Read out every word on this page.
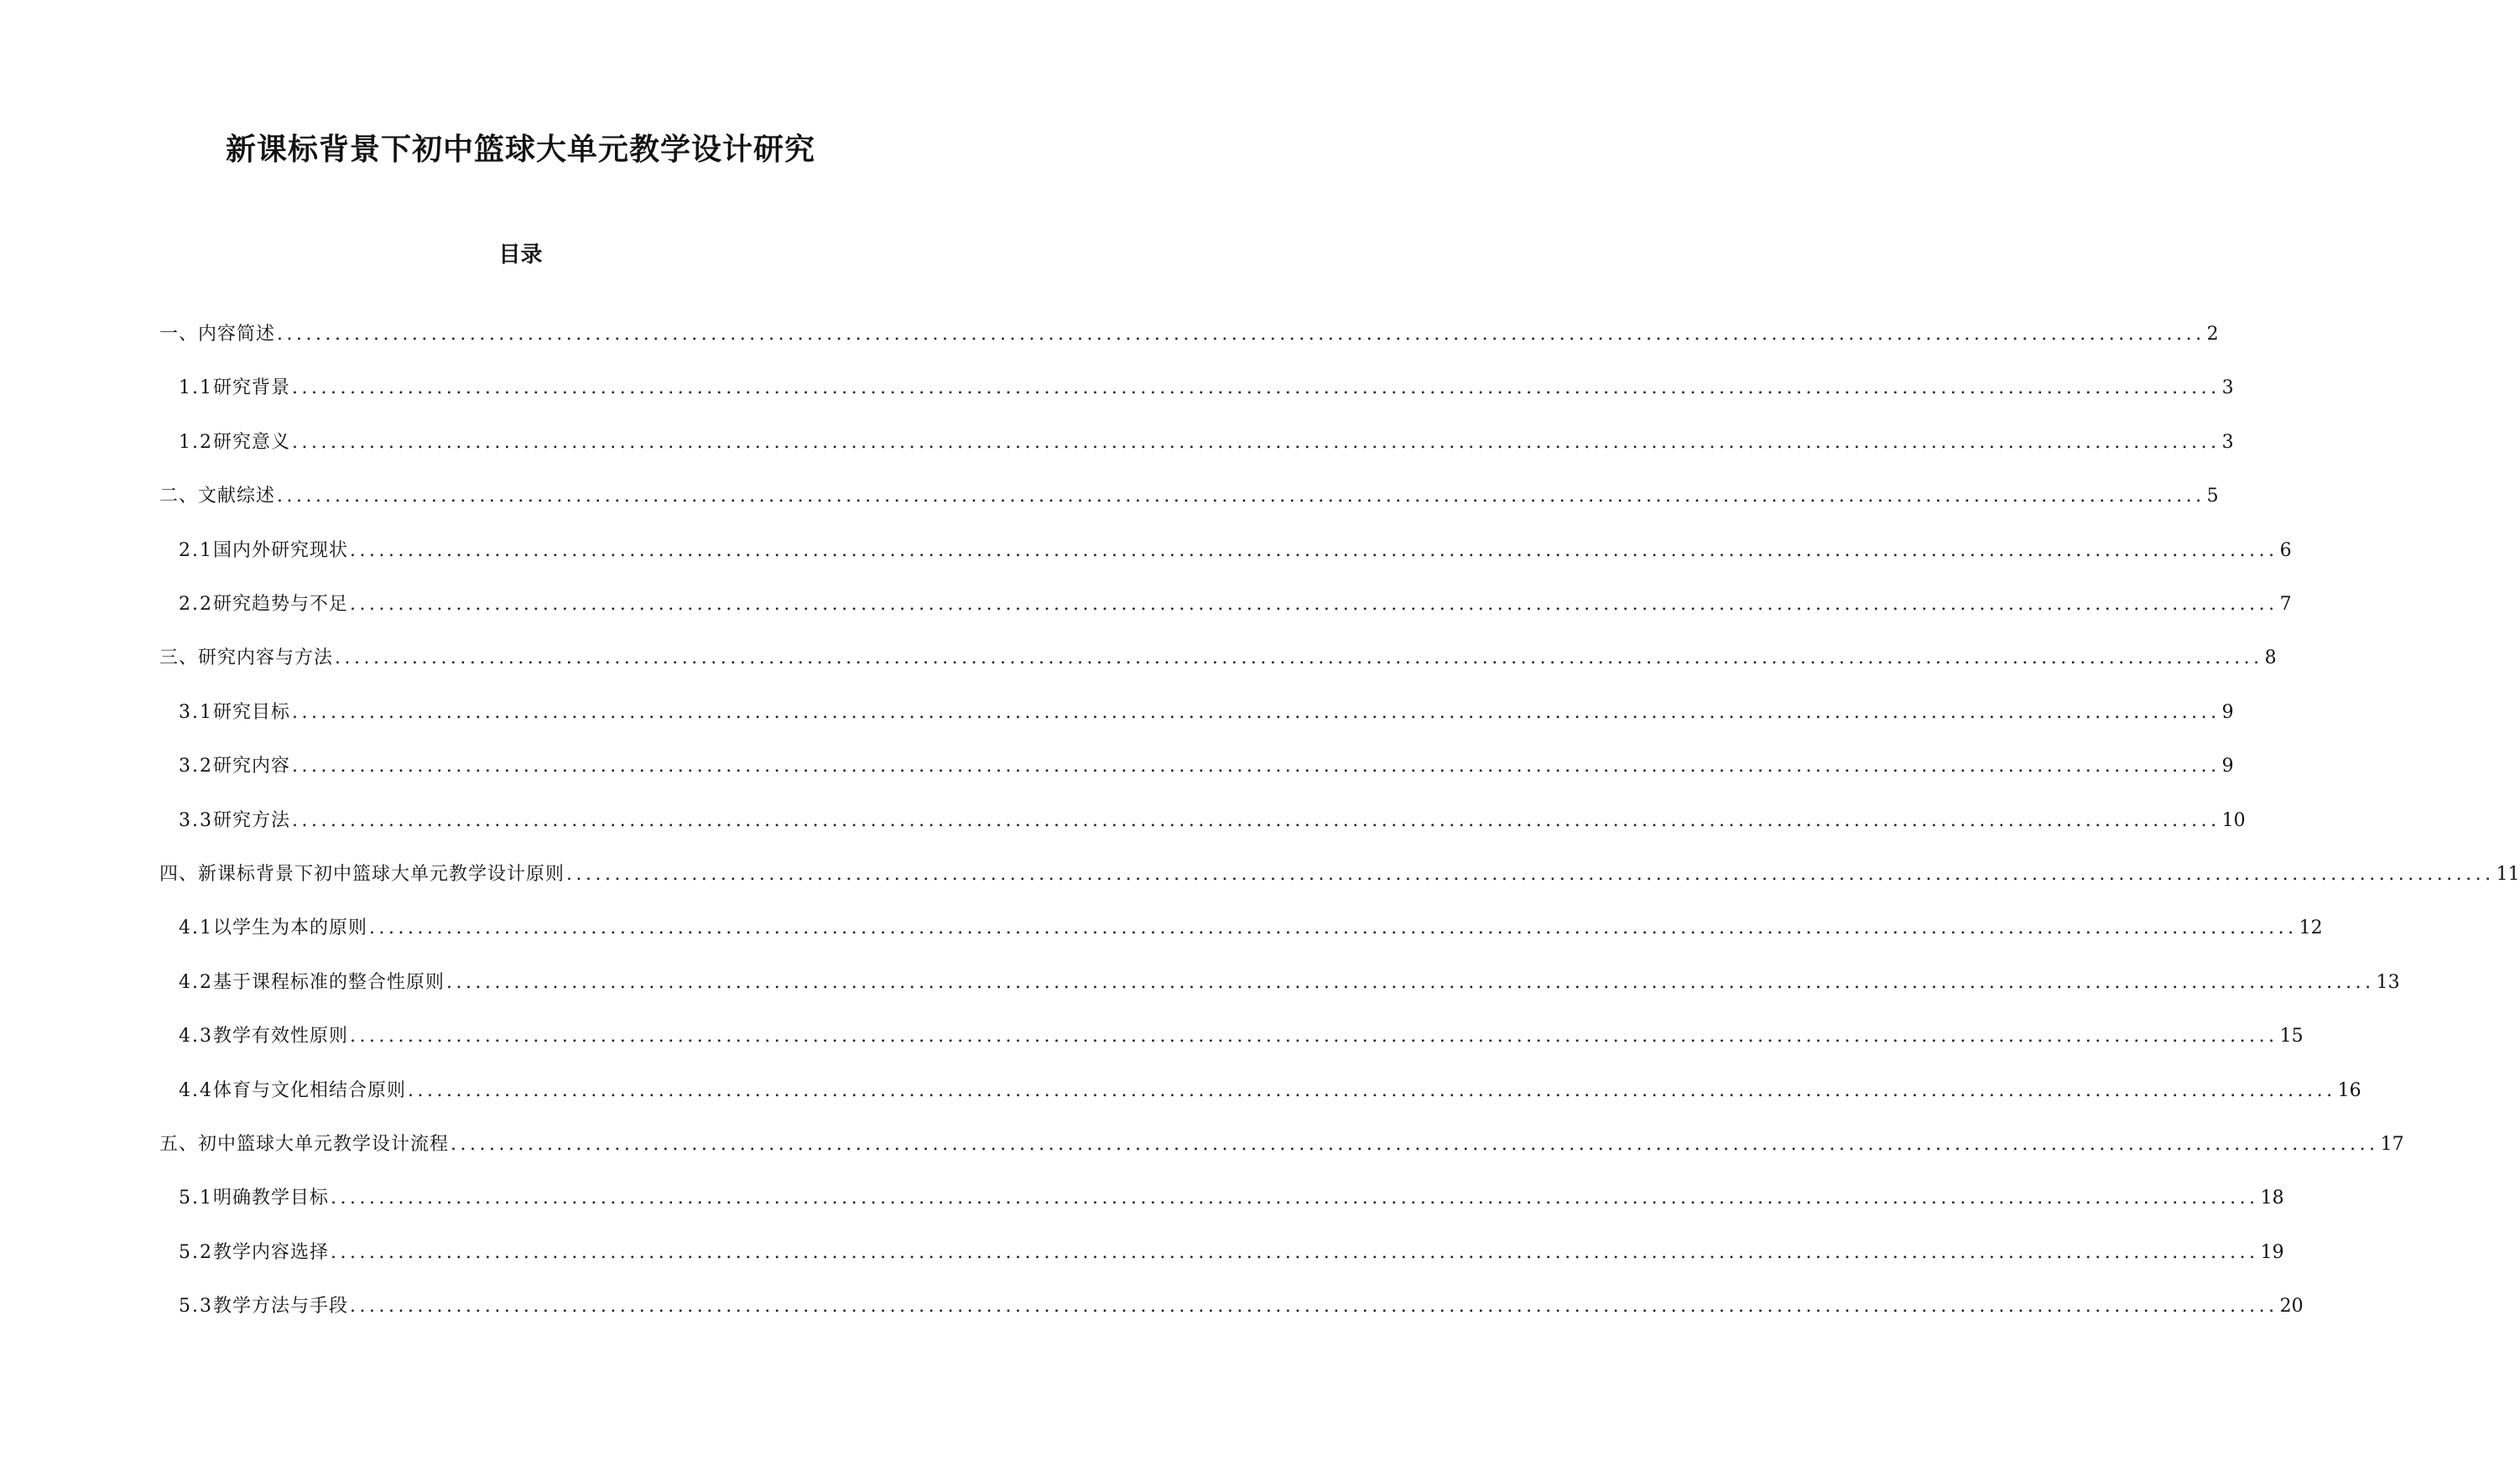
新课标背景下初中篮球大单元教学设计研究
目录
一、内容简述 ........................................................................................................................................................................................................ 2
1.1 研究背景 ........................................................................................................................................................................................................ 3
1.2 研究意义 ........................................................................................................................................................................................................ 3
二、文献综述 ........................................................................................................................................................................................................ 5
2.1 国内外研究现状 ........................................................................................................................................................................................................ 6
2.2 研究趋势与不足 ........................................................................................................................................................................................................ 7
三、研究内容与方法 ........................................................................................................................................................................................................ 8
3.1 研究目标 ........................................................................................................................................................................................................ 9
3.2 研究内容 ........................................................................................................................................................................................................ 9
3.3 研究方法 ........................................................................................................................................................................................................ 10
四、新课标背景下初中篮球大单元教学设计原则 ........................................................................................................................................................................................................ 11
4.1 以学生为本的原则 ........................................................................................................................................................................................................ 12
4.2 基于课程标准的整合性原则 ........................................................................................................................................................................................................ 13
4.3 教学有效性原则 ........................................................................................................................................................................................................ 15
4.4 体育与文化相结合原则 ........................................................................................................................................................................................................ 16
五、初中篮球大单元教学设计流程 ........................................................................................................................................................................................................ 17
5.1 明确教学目标 ........................................................................................................................................................................................................ 18
5.2 教学内容选择 ........................................................................................................................................................................................................ 19
5.3 教学方法与手段 ........................................................................................................................................................................................................ 20
